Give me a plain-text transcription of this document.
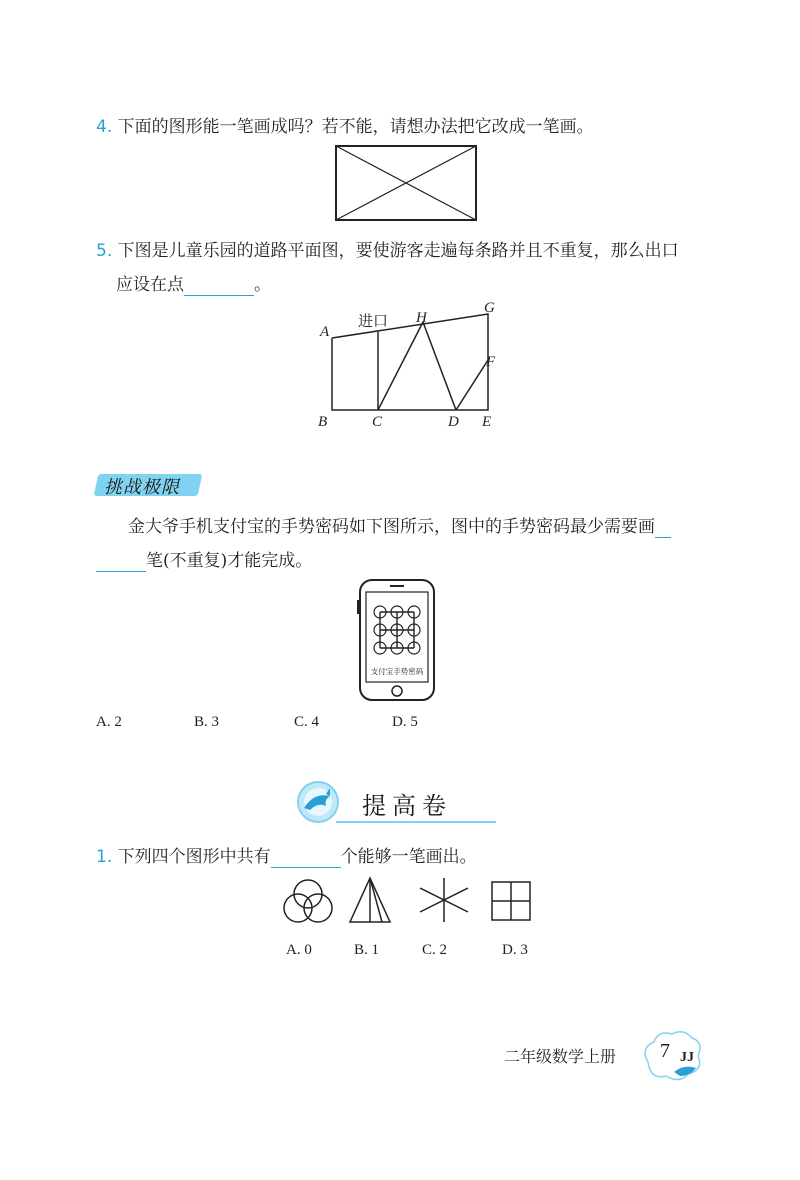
4. 下面的图形能一笔画成吗？若不能，请想办法把它改成一笔画。
5. 下图是儿童乐园的道路平面图，要使游客走遍每条路并且不重复，那么出口
应设在点	。
进口
A
B	C	D E
F
G
H
挑战极限
金大爷手机支付宝的手势密码如下图所示，图中的手势密码最少需要画
笔(不重复)才能完成。
支付宝手势密码
A. 2	B. 3	C. 4	D. 5
提高卷
1. 下列四个图形中共有	个能够一笔画出。
A. 0	B. 1	C. 2	D. 3
二年级数学上册 7 JJ
